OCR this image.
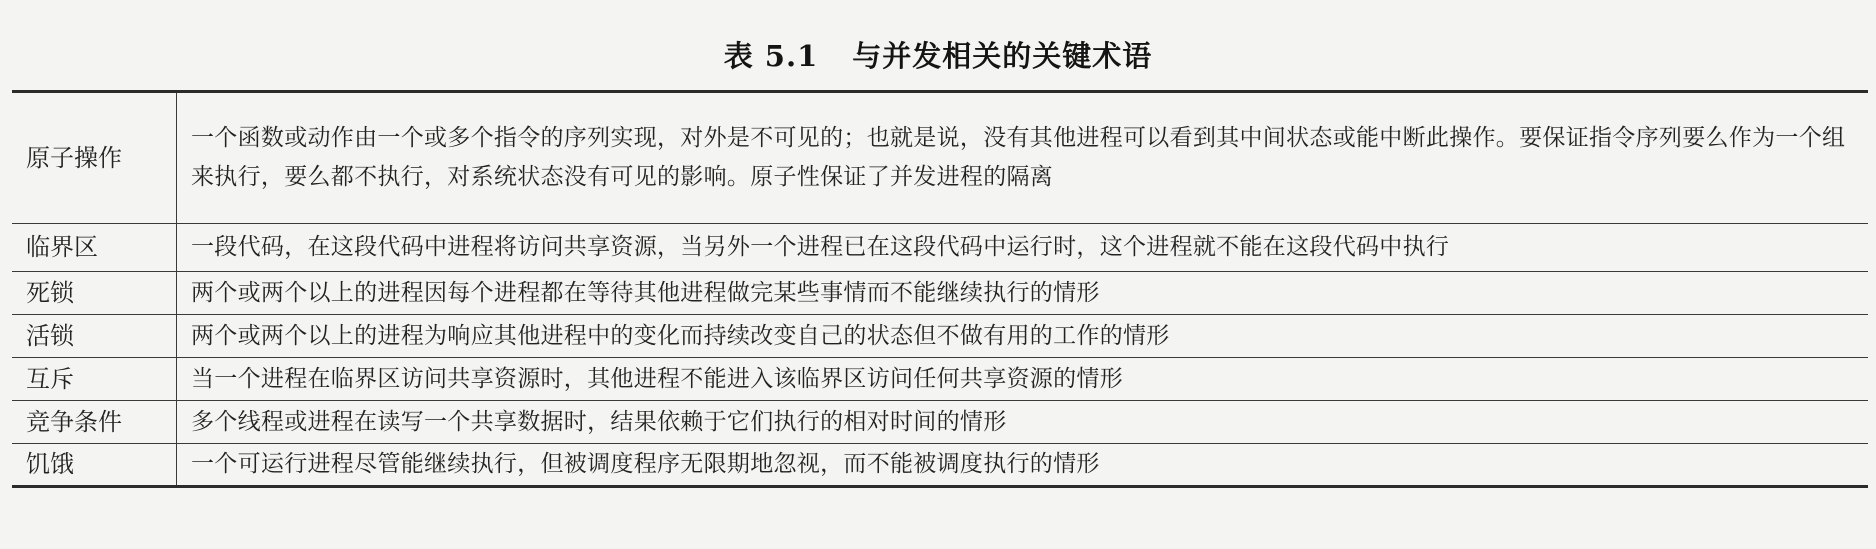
表 5.1 与并发相关的关键术语
原子操作	一个函数或动作由一个或多个指令的序列实现，对外是不可见的；也就是说，没有其他进程可以看到其中间状态或能中断此操作。要保证指令序列要么作为一个组来执行，要么都不执行，对系统状态没有可见的影响。原子性保证了并发进程的隔离
临界区	一段代码，在这段代码中进程将访问共享资源，当另外一个进程已在这段代码中运行时，这个进程就不能在这段代码中执行
死锁	两个或两个以上的进程因每个进程都在等待其他进程做完某些事情而不能继续执行的情形
活锁	两个或两个以上的进程为响应其他进程中的变化而持续改变自己的状态但不做有用的工作的情形
互斥	当一个进程在临界区访问共享资源时，其他进程不能进入该临界区访问任何共享资源的情形
竞争条件	多个线程或进程在读写一个共享数据时，结果依赖于它们执行的相对时间的情形
饥饿	一个可运行进程尽管能继续执行，但被调度程序无限期地忽视，而不能被调度执行的情形
